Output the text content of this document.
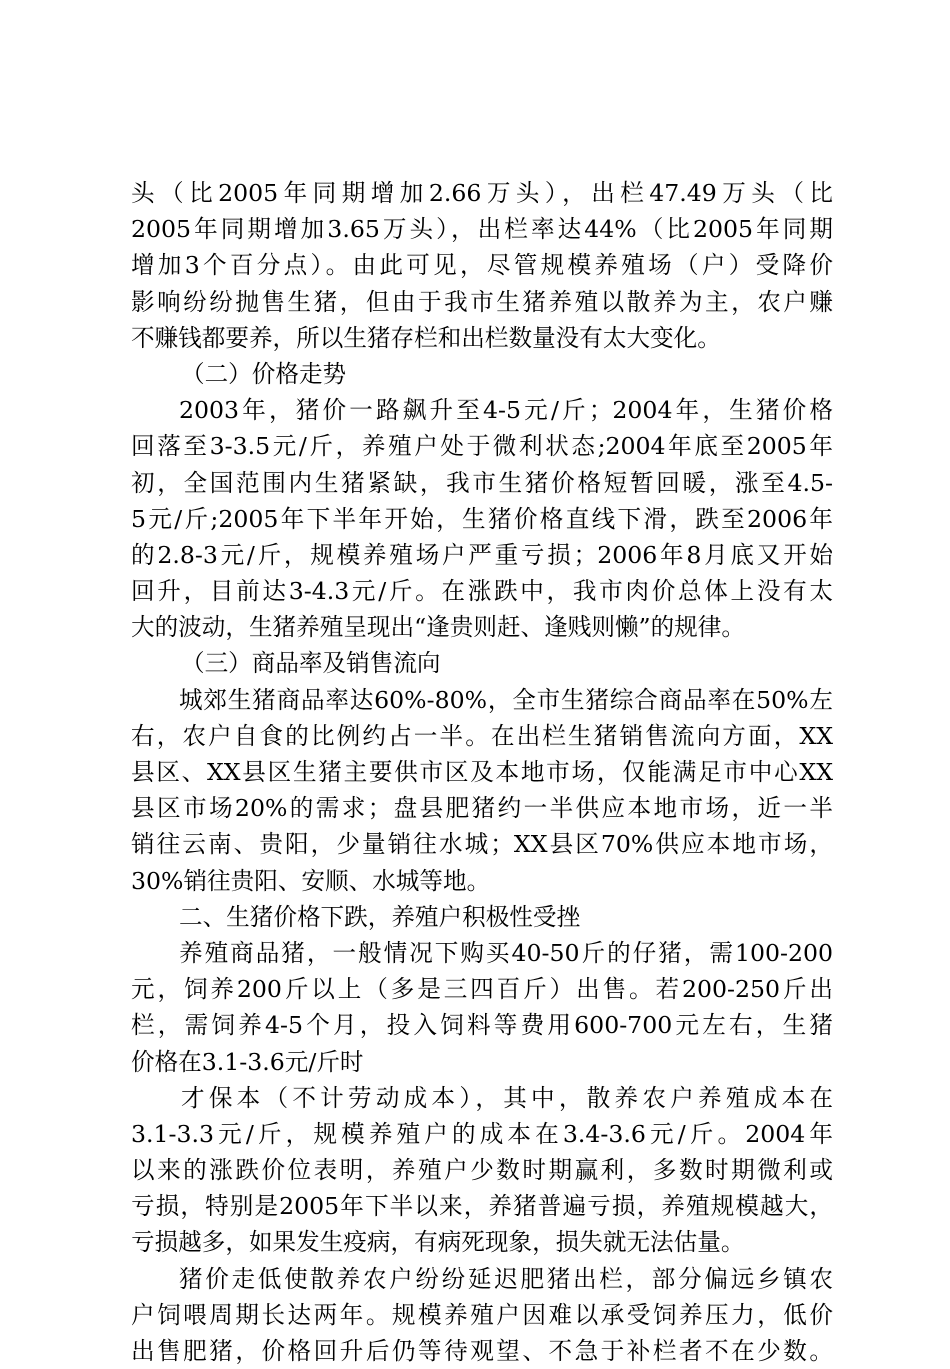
头（比2005年同期增加2.66万头），出栏47.49万头（比
2005年同期增加3.65万头），出栏率达44%（比2005年同期
增加3个百分点）。由此可见，尽管规模养殖场（户）受降价
影响纷纷抛售生猪，但由于我市生猪养殖以散养为主，农户赚
不赚钱都要养，所以生猪存栏和出栏数量没有太大变化。
（二）价格走势
2003年，猪价一路飙升至4-5元/斤；2004年，生猪价格
回落至3-3.5元/斤，养殖户处于微利状态;2004年底至2005年
初，全国范围内生猪紧缺，我市生猪价格短暂回暖，涨至4.5-
5元/斤;2005年下半年开始，生猪价格直线下滑，跌至2006年
的2.8-3元/斤，规模养殖场户严重亏损；2006年8月底又开始
回升，目前达3-4.3元/斤。在涨跌中，我市肉价总体上没有太
大的波动，生猪养殖呈现出“逢贵则赶、逢贱则懒”的规律。
（三）商品率及销售流向
城郊生猪商品率达60%-80%，全市生猪综合商品率在50%左
右，农户自食的比例约占一半。在出栏生猪销售流向方面，XX
县区、XX县区生猪主要供市区及本地市场，仅能满足市中心XX
县区市场20%的需求；盘县肥猪约一半供应本地市场，近一半
销往云南、贵阳，少量销往水城；XX县区70%供应本地市场，
30%销往贵阳、安顺、水城等地。
二、生猪价格下跌，养殖户积极性受挫
养殖商品猪，一般情况下购买40-50斤的仔猪，需100-200
元，饲养200斤以上（多是三四百斤）出售。若200-250斤出
栏，需饲养4-5个月，投入饲料等费用600-700元左右，生猪
价格在3.1-3.6元/斤时
才保本（不计劳动成本），其中，散养农户养殖成本在
3.1-3.3元/斤，规模养殖户的成本在3.4-3.6元/斤。2004年
以来的涨跌价位表明，养殖户少数时期赢利，多数时期微利或
亏损，特别是2005年下半以来，养猪普遍亏损，养殖规模越大，
亏损越多，如果发生疫病，有病死现象，损失就无法估量。
猪价走低使散养农户纷纷延迟肥猪出栏，部分偏远乡镇农
户饲喂周期长达两年。规模养殖户因难以承受饲养压力，低价
出售肥猪，价格回升后仍等待观望、不急于补栏者不在少数。
